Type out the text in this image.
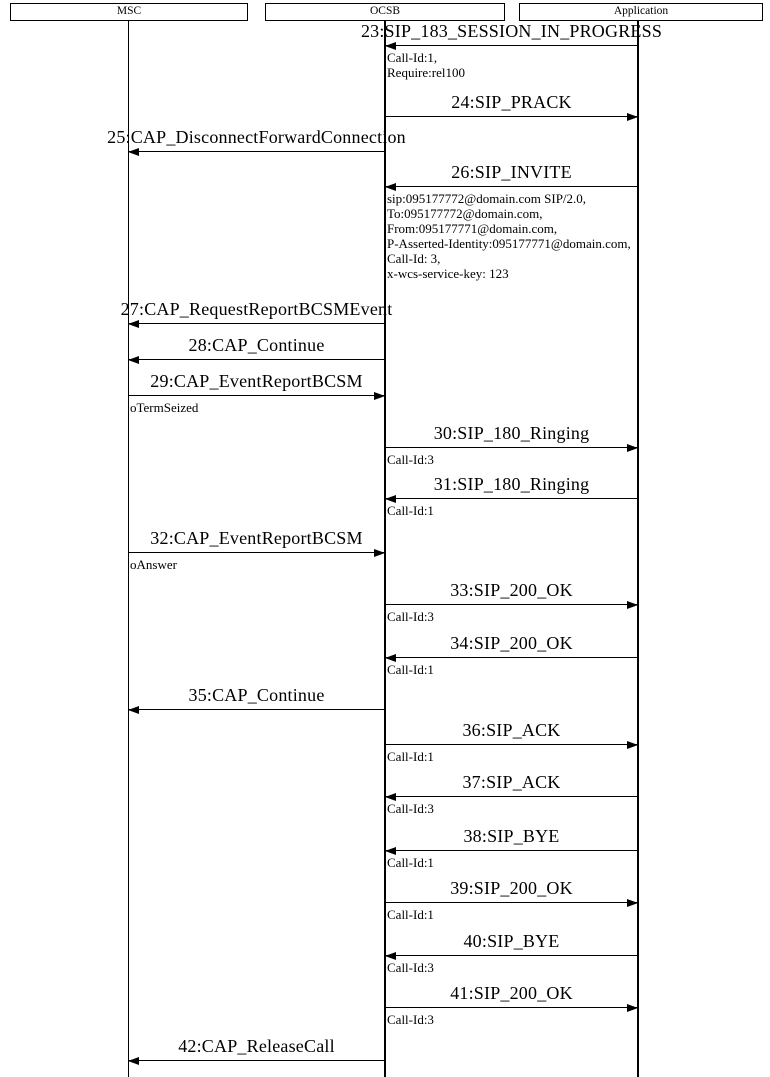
MSC	OCSB	Application
23:SIP_183_SESSION_IN_PROGRESS
Call-Id:1,
Require:rel100
24:SIP_PRACK
25:CAP_DisconnectForwardConnection
26:SIP_INVITE
sip:095177772@domain.com SIP/2.0,
To:095177772@domain.com,
From:095177771@domain.com,
P-Asserted-Identity:095177771@domain.com,
Call-Id: 3,
x-wcs-service-key: 123
27:CAP_RequestReportBCSMEvent
28:CAP_Continue
29:CAP_EventReportBCSM
oTermSeized
30:SIP_180_Ringing
Call-Id:3
31:SIP_180_Ringing
Call-Id:1
32:CAP_EventReportBCSM
oAnswer
33:SIP_200_OK
Call-Id:3
34:SIP_200_OK
Call-Id:1
35:CAP_Continue
36:SIP_ACK
Call-Id:1
37:SIP_ACK
Call-Id:3
38:SIP_BYE
Call-Id:1
39:SIP_200_OK
Call-Id:1
40:SIP_BYE
Call-Id:3
41:SIP_200_OK
Call-Id:3
42:CAP_ReleaseCall
